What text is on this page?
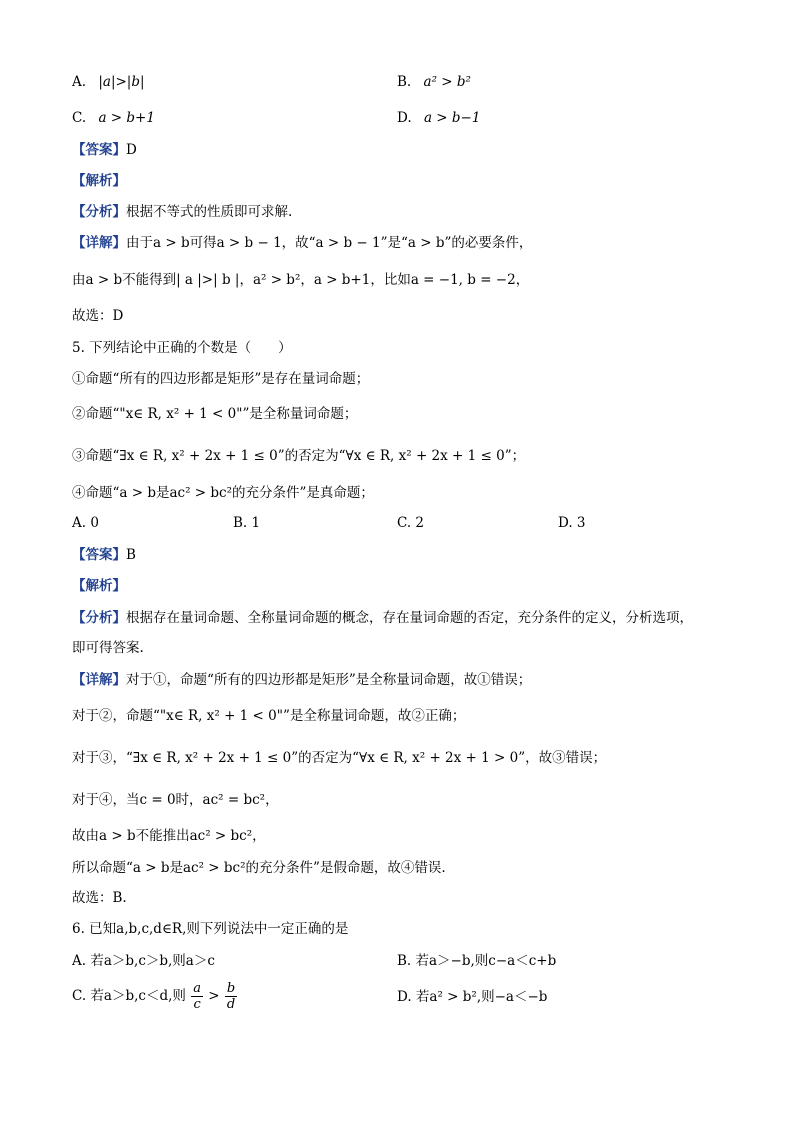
A. |a|>|b|	B. a² > b²
C. a > b+1	D. a > b−1
【答案】D
【解析】
【分析】根据不等式的性质即可求解.
【详解】由于a > b可得a > b − 1，故“a > b − 1”是“a > b”的必要条件，
由a > b不能得到| a |>| b |，a² > b²，a > b+1，比如a = −1, b = −2，
故选：D
5. 下列结论中正确的个数是（　　）
①命题“所有的四边形都是矩形”是存在量词命题；
②命题“"x∈ R, x² + 1 < 0"”是全称量词命题；
③命题“∃x ∈ R, x² + 2x + 1 ≤ 0”的否定为“∀x ∈ R, x² + 2x + 1 ≤ 0”；
④命题“a > b是ac² > bc²的充分条件”是真命题；
A. 0	B. 1	C. 2	D. 3
【答案】B
【解析】
【分析】根据存在量词命题、全称量词命题的概念，存在量词命题的否定，充分条件的定义，分析选项，
即可得答案.
【详解】对于①，命题“所有的四边形都是矩形”是全称量词命题，故①错误；
对于②，命题“"x∈ R, x² + 1 < 0"”是全称量词命题，故②正确；
对于③，“∃x ∈ R, x² + 2x + 1 ≤ 0”的否定为“∀x ∈ R, x² + 2x + 1 > 0”，故③错误；
对于④，当c = 0时，ac² = bc²，
故由a > b不能推出ac² > bc²，
所以命题“a > b是ac² > bc²的充分条件”是假命题，故④错误.
故选：B.
6. 已知a,b,c,d∈R,则下列说法中一定正确的是
A. 若a＞b,c＞b,则a＞c	B. 若a＞−b,则c−a＜c+b
C. 若a＞b,c＜d,则 $\frac{a}{c} > \frac{b}{d}$	D. 若a² > b²,则−a＜−b
